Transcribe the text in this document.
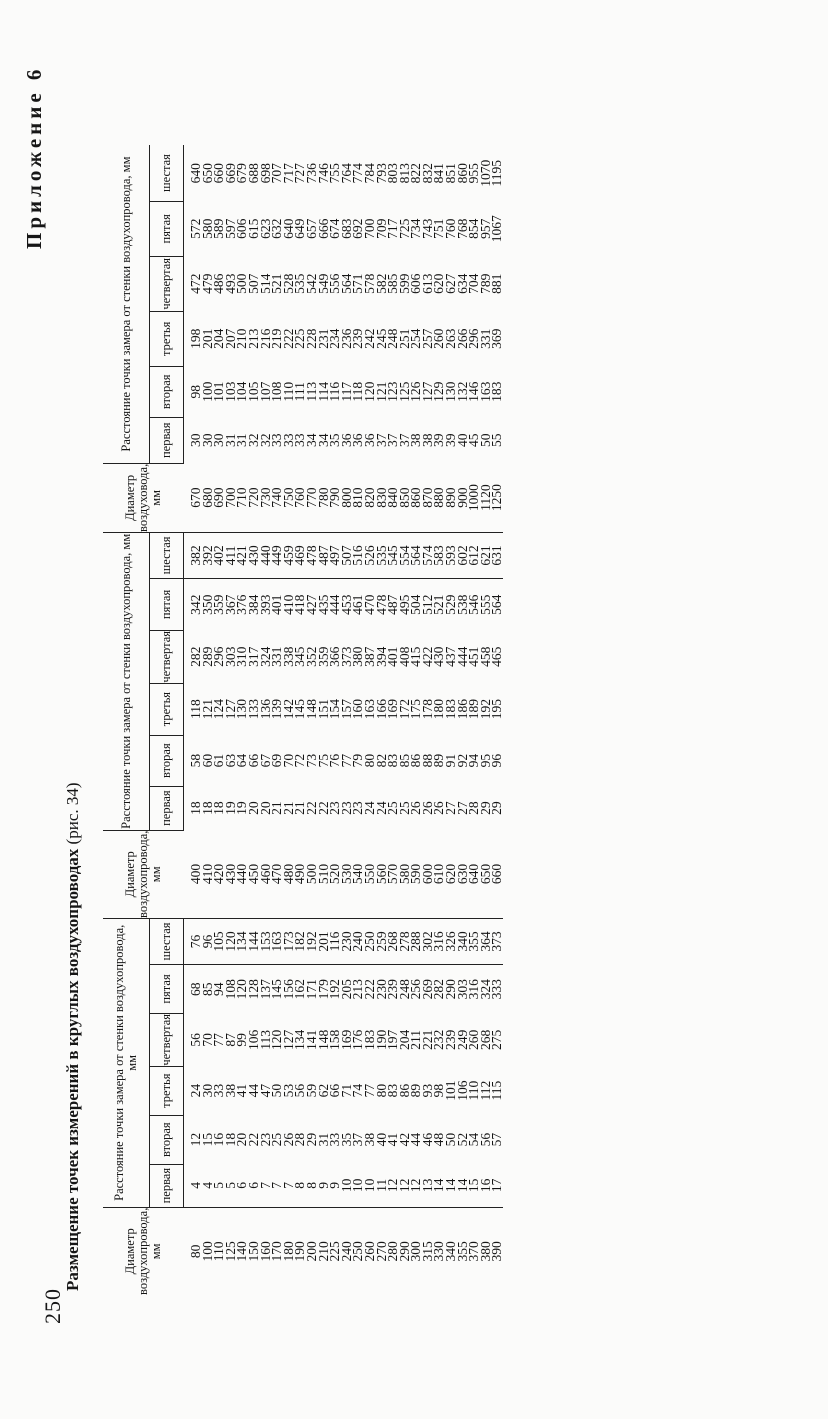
250
Приложение 6
Размещение точек измерений в круглых воздухопроводах (рис. 34)
Диаметр воздухопровода, мм	Расстояние точки замера от стенки воздухопровода, мм						Диаметр воздухопровода, мм	Расстояние точки замера от стенки воздухопровода, мм						Диаметр воздуховода, мм	Расстояние точки замера от стенки воздухопровода, мм					
	первая	вторая	третья	четвертая	пятая	шестая		первая	вторая	третья	четвертая	пятая	шестая		первая	вторая	третья	четвертая	пятая	шестая
80	4	12	24	56	68	76	400	18	58	118	282	342	382	670	30	98	198	472	572	640
100	4	15	30	70	85	96	410	18	60	121	289	350	392	680	30	100	201	479	580	650
110	5	16	33	77	94	105	420	18	61	124	296	359	402	690	30	101	204	486	589	660
125	5	18	38	87	108	120	430	19	63	127	303	367	411	700	31	103	207	493	597	669
140	6	20	41	99	120	134	440	19	64	130	310	376	421	710	31	104	210	500	606	679
150	6	22	44	106	128	144	450	20	66	133	317	384	430	720	32	105	213	507	615	688
160	7	23	47	113	137	153	460	20	67	136	324	393	440	730	32	107	216	514	623	698
170	7	25	50	120	145	163	470	21	69	139	331	401	449	740	33	108	219	521	632	707
180	7	26	53	127	156	173	480	21	70	142	338	410	459	750	33	110	222	528	640	717
190	8	28	56	134	162	182	490	21	72	145	345	418	469	760	33	111	225	535	649	727
200	8	29	59	141	171	192	500	22	73	148	352	427	478	770	34	113	228	542	657	736
210	9	31	62	148	179	201	510	22	75	151	359	435	487	780	34	114	231	549	666	746
225	9	33	66	158	192	116	520	23	76	154	366	444	497	790	35	116	234	556	674	755
240	10	35	71	169	205	230	530	23	77	157	373	453	507	800	36	117	236	564	683	764
250	10	37	74	176	213	240	540	23	79	160	380	461	516	810	36	118	239	571	692	774
260	10	38	77	183	222	250	550	24	80	163	387	470	526	820	36	120	242	578	700	784
270	11	40	80	190	230	259	560	24	82	166	394	478	535	830	37	121	245	582	709	793
280	12	41	83	197	239	268	570	25	83	169	401	487	545	840	37	123	248	585	717	803
290	12	42	86	204	248	278	580	25	85	172	408	495	554	850	37	125	251	599	725	813
300	12	44	89	211	256	288	590	26	86	175	415	504	564	860	38	126	254	606	734	822
315	13	46	93	221	269	302	600	26	88	178	422	512	574	870	38	127	257	613	743	832
330	14	48	98	232	282	316	610	26	89	180	430	521	583	880	39	129	260	620	751	841
340	14	50	101	239	290	326	620	27	91	183	437	529	593	890	39	130	263	627	760	851
355	14	52	106	249	303	340	630	27	92	186	444	538	602	900	40	132	266	634	768	860
370	15	54	110	260	316	355	640	28	94	189	451	546	612	1000	45	146	296	704	854	955
380	16	56	112	268	324	364	650	29	95	192	458	555	621	1120	50	163	331	789	957	1070
390	17	57	115	275	333	373	660	29	96	195	465	564	631	1250	55	183	369	881	1067	1195
